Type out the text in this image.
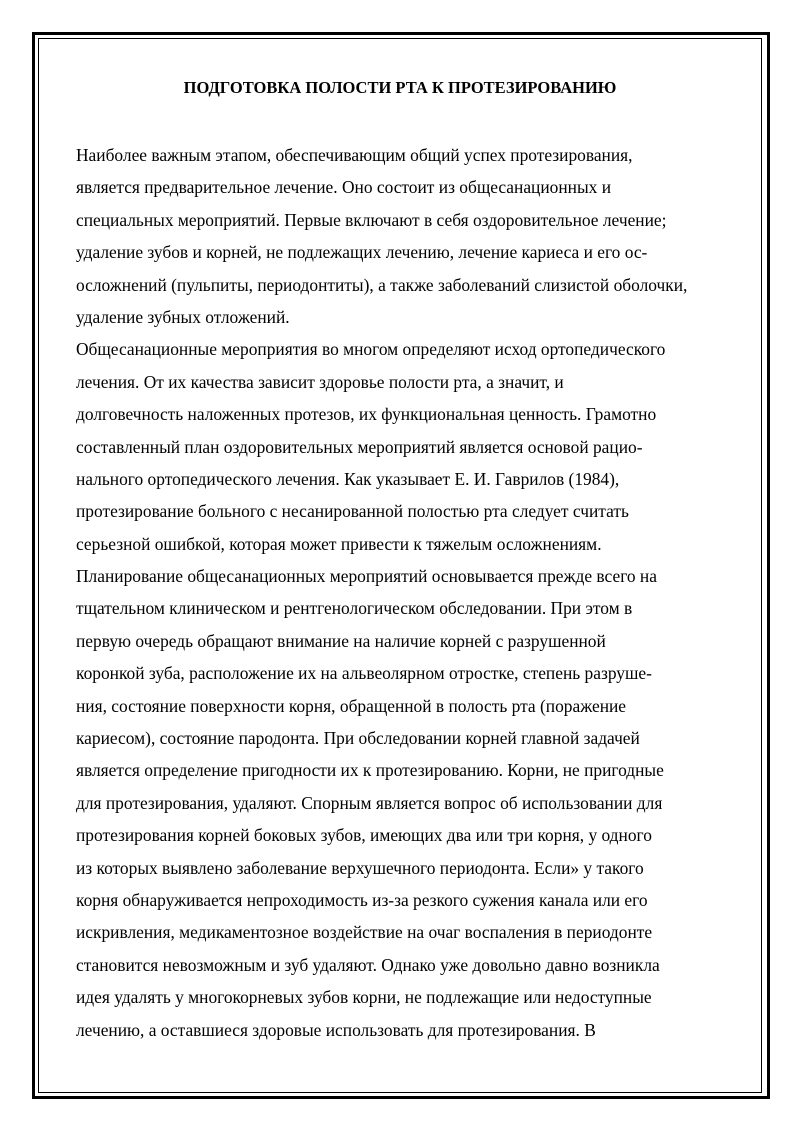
ПОДГОТОВКА ПОЛОСТИ РТА К ПРОТЕЗИРОВАНИЮ
Наиболее важным этапом, обеспечивающим общий успех протезирования,
является предварительное лечение. Оно состоит из общесанационных и
специальных мероприятий. Первые включают в себя оздоровительное лечение;
удаление зубов и корней, не подлежащих лечению, лечение кариеса и его ос-
осложнений (пульпиты, периодонтиты), а также заболеваний слизистой оболочки,
удаление зубных отложений.
Общесанационные мероприятия во многом определяют исход ортопедического
лечения. От их качества зависит здоровье полости рта, а значит, и
долговечность наложенных протезов, их функциональная ценность. Грамотно
составленный план оздоровительных мероприятий является основой рацио-
нального ортопедического лечения. Как указывает Е. И. Гаврилов (1984),
протезирование больного с несанированной полостью рта следует считать
серьезной ошибкой, которая может привести к тяжелым осложнениям.
Планирование общесанационных мероприятий основывается прежде всего на
тщательном клиническом и рентгенологическом обследовании. При этом в
первую очередь обращают внимание на наличие корней с разрушенной
коронкой зуба, расположение их на альвеолярном отростке, степень разруше-
ния, состояние поверхности корня, обращенной в полость рта (поражение
кариесом), состояние пародонта. При обследовании корней главной задачей
является определение пригодности их к протезированию. Корни, не пригодные
для протезирования, удаляют. Спорным является вопрос об использовании для
протезирования корней боковых зубов, имеющих два или три корня, у одного
из которых выявлено заболевание верхушечного периодонта. Если» у такого
корня обнаруживается непроходимость из-за резкого сужения канала или его
искривления, медикаментозное воздействие на очаг воспаления в периодонте
становится невозможным и зуб удаляют. Однако уже довольно давно возникла
идея удалять у многокорневых зубов корни, не подлежащие или недоступные
лечению, а оставшиеся здоровые использовать для протезирования. В
